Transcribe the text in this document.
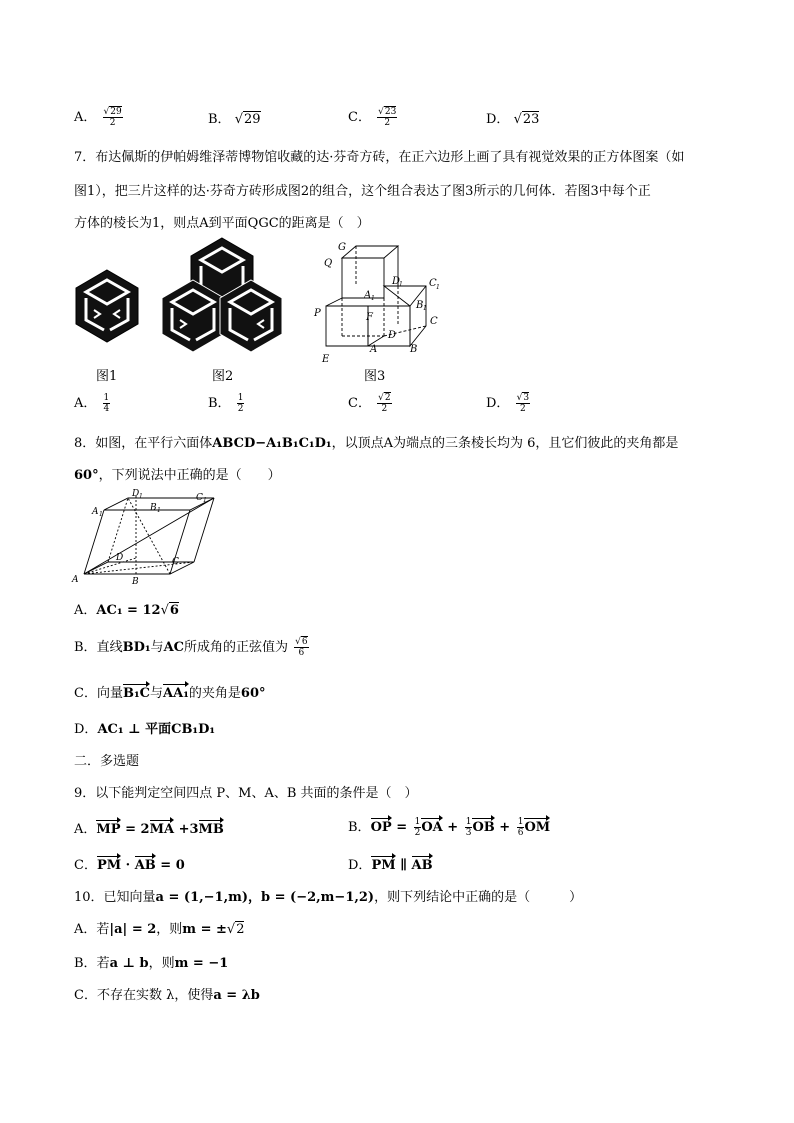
A． $\frac{√29}{2}$	B． √29	C． $\frac{√23}{2}$	D． √23
7．布达佩斯的伊帕姆维泽蒂博物馆收藏的达·芬奇方砖，在正六边形上画了具有视觉效果的正方体图案（如
图1），把三片这样的达·芬奇方砖形成图2的组合，这个组合表达了图3所示的几何体．若图3中每个正
方体的棱长为1，则点A到平面QGC的距离是（　）
G
Q
D
1	C 1
A 1
B 1
P	F	C
D
E
A	B
图1	图2	图3
A． $\frac{1}{4}$	B． $\frac{1}{2}$	C． $\frac{√2}{2}$	D． $\frac{√3}{2}$
8．如图，在平行六面体ABCD−A₁B₁C₁D₁，以顶点A为端点的三条棱长均为 6，且它们彼此的夹角都是
60°，下列说法中正确的是（　　）
D 1	C 1
A 1
B 1
D	C
A	B
A．AC₁ = 12√6
B．直线BD₁与AC所成角的正弦值为 $\frac{√6}{6}$
C．向量B₁C与AA₁的夹角是60°
D．AC₁ ⊥ 平面CB₁D₁
二．多选题
9．以下能判定空间四点 P、M、A、B 共面的条件是（　）
A．MP = 2MA +3MB	B．OP = $\frac{1}{2}$ OA + $\frac{1}{3}$ OB + $\frac{1}{6}$ OM
C．PM · AB = 0	D．PM ∥ AB
10．已知向量a = (1,−1,m)，b = (−2,m−1,2)，则下列结论中正确的是（　　　）
A．若|a| = 2，则m = ±√2
B．若a ⊥ b，则m = −1
C．不存在实数 λ，使得a = λb
